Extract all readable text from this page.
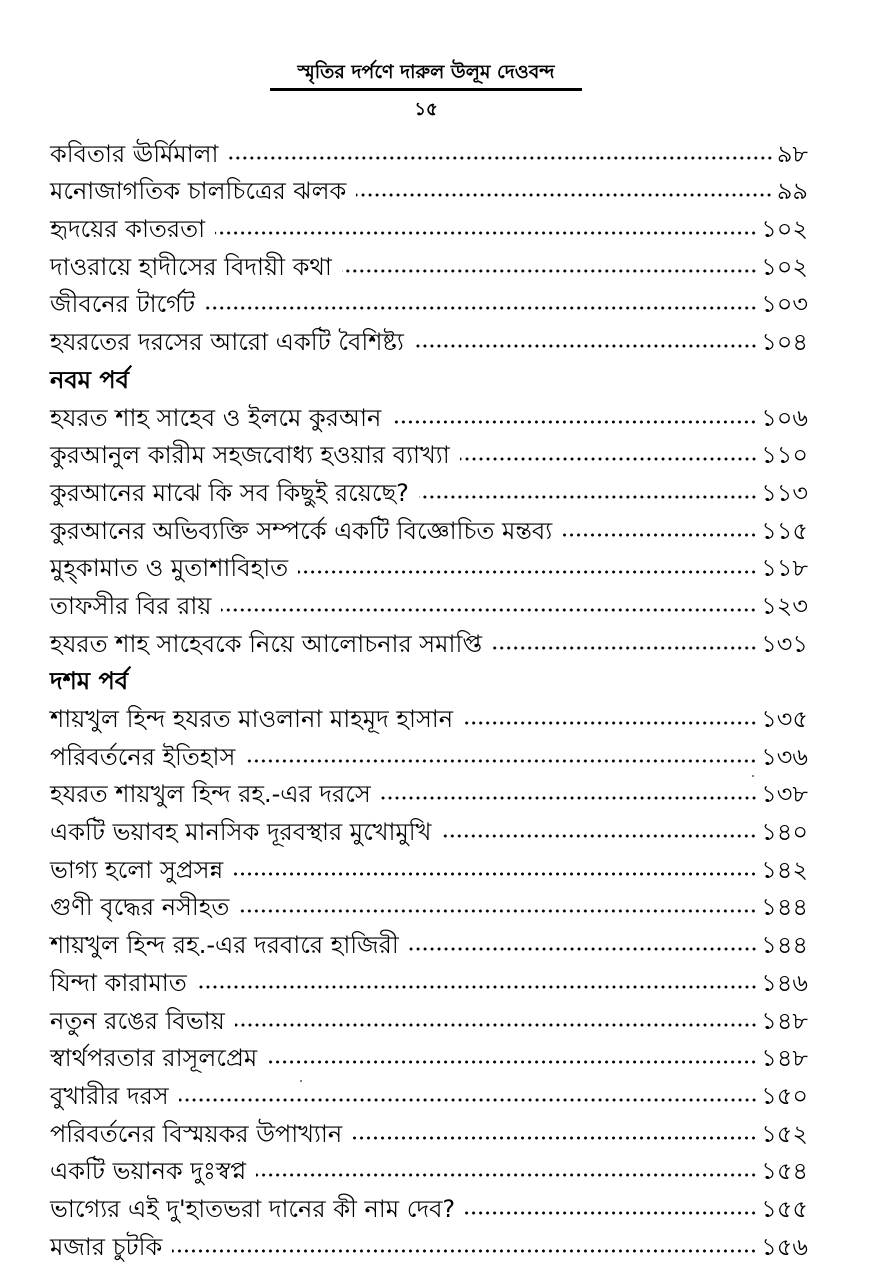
স্মৃতির দর্পণে দারুল উলূম দেওবন্দ
১৫
কবিতার ঊর্মিমালা	৯৮
মনোজাগতিক চালচিত্রের ঝলক	৯৯
হৃদয়ের কাতরতা	১০২
দাওরায়ে হাদীসের বিদায়ী কথা	১০২
জীবনের টার্গেট	১০৩
হযরতের দরসের আরো একটি বৈশিষ্ট্য	১০৪
নবম পর্ব
হযরত শাহ সাহেব ও ইলমে কুরআন	১০৬
কুরআনুল কারীম সহজবোধ্য হওয়ার ব্যাখ্যা	১১০
কুরআনের মাঝে কি সব কিছুই রয়েছে?	১১৩
কুরআনের অভিব্যক্তি সম্পর্কে একটি বিজ্ঞোচিত মন্তব্য	১১৫
মুহ্কামাত ও মুতাশাবিহাত	১১৮
তাফসীর বির রায়	১২৩
হযরত শাহ সাহেবকে নিয়ে আলোচনার সমাপ্তি	১৩১
দশম পর্ব
শায়খুল হিন্দ হযরত মাওলানা মাহমূদ হাসান	১৩৫
পরিবর্তনের ইতিহাস	১৩৬
হযরত শায়খুল হিন্দ রহ.-এর দরসে	১৩৮
একটি ভয়াবহ মানসিক দূরবস্থার মুখোমুখি	১৪০
ভাগ্য হলো সুপ্রসন্ন	১৪২
গুণী বৃদ্ধের নসীহত	১৪৪
শায়খুল হিন্দ রহ.-এর দরবারে হাজিরী	১৪৪
যিন্দা কারামাত	১৪৬
নতুন রঙের বিভায়	১৪৮
স্বার্থপরতার রাসূলপ্রেম	১৪৮
বুখারীর দরস	১৫০
পরিবর্তনের বিস্ময়কর উপাখ্যান	১৫২
একটি ভয়ানক দুঃস্বপ্ন	১৫৪
ভাগ্যের এই দু'হাতভরা দানের কী নাম দেব?	১৫৫
মজার চুটকি	১৫৬
